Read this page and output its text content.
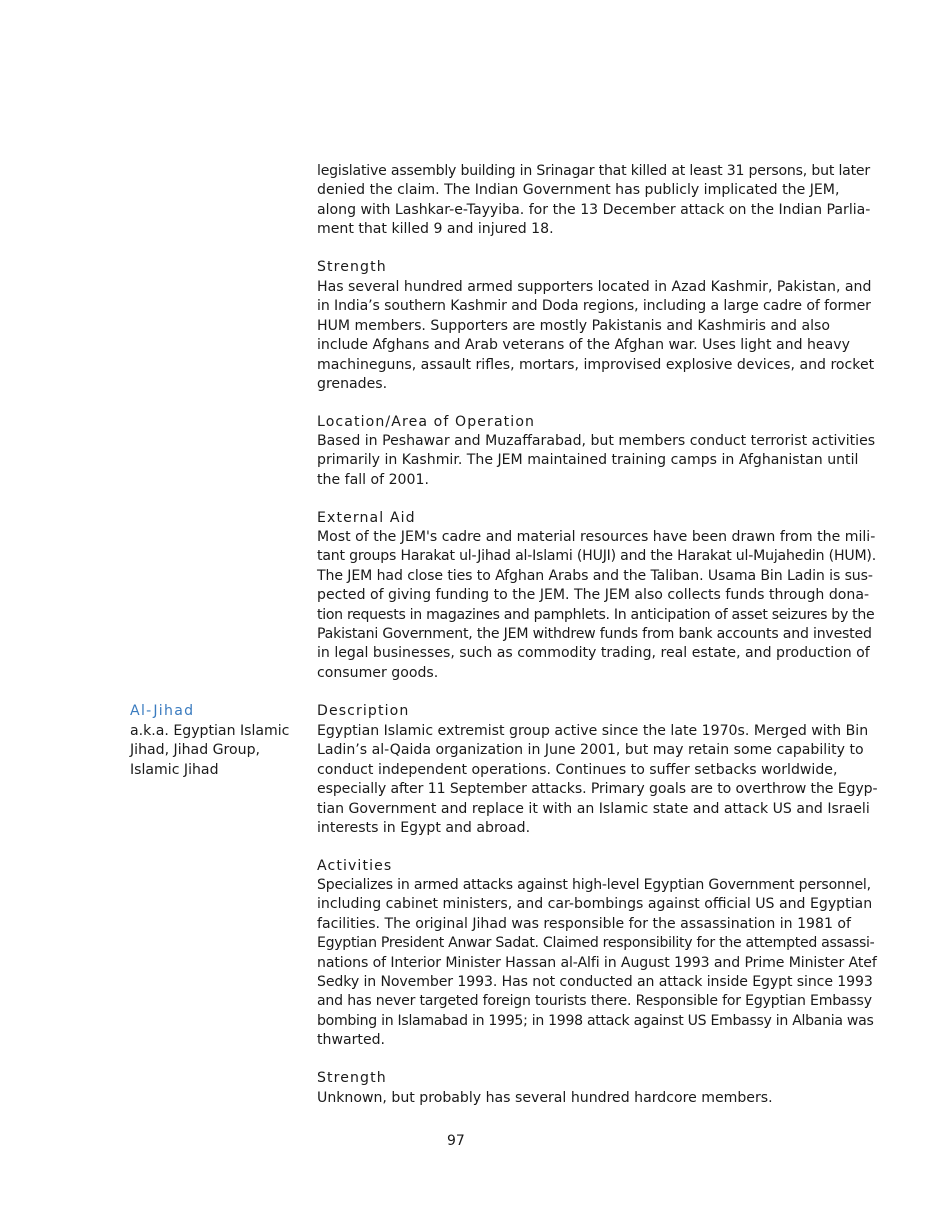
legislative assembly building in Srinagar that killed at least 31 persons, but later
denied the claim. The Indian Government has publicly implicated the JEM,
along with Lashkar-e-Tayyiba. for the 13 December attack on the Indian Parlia-
ment that killed 9 and injured 18.
Strength
Has several hundred armed supporters located in Azad Kashmir, Pakistan, and
in India’s southern Kashmir and Doda regions, including a large cadre of former
HUM members. Supporters are mostly Pakistanis and Kashmiris and also
include Afghans and Arab veterans of the Afghan war. Uses light and heavy
machineguns, assault rifles, mortars, improvised explosive devices, and rocket
grenades.
Location/Area of Operation
Based in Peshawar and Muzaffarabad, but members conduct terrorist activities
primarily in Kashmir. The JEM maintained training camps in Afghanistan until
the fall of 2001.
External Aid
Most of the JEM's cadre and material resources have been drawn from the mili-
tant groups Harakat ul-Jihad al-Islami (HUJI) and the Harakat ul-Mujahedin (HUM).
The JEM had close ties to Afghan Arabs and the Taliban. Usama Bin Ladin is sus-
pected of giving funding to the JEM. The JEM also collects funds through dona-
tion requests in magazines and pamphlets. In anticipation of asset seizures by the
Pakistani Government, the JEM withdrew funds from bank accounts and invested
in legal businesses, such as commodity trading, real estate, and production of
consumer goods.
Al-Jihad
a.k.a. Egyptian Islamic
Jihad, Jihad Group,
Islamic Jihad
Description
Egyptian Islamic extremist group active since the late 1970s. Merged with Bin
Ladin’s al-Qaida organization in June 2001, but may retain some capability to
conduct independent operations. Continues to suffer setbacks worldwide,
especially after 11 September attacks. Primary goals are to overthrow the Egyp-
tian Government and replace it with an Islamic state and attack US and Israeli
interests in Egypt and abroad.
Activities
Specializes in armed attacks against high-level Egyptian Government personnel,
including cabinet ministers, and car-bombings against official US and Egyptian
facilities. The original Jihad was responsible for the assassination in 1981 of
Egyptian President Anwar Sadat. Claimed responsibility for the attempted assassi-
nations of Interior Minister Hassan al-Alfi in August 1993 and Prime Minister Atef
Sedky in November 1993. Has not conducted an attack inside Egypt since 1993
and has never targeted foreign tourists there. Responsible for Egyptian Embassy
bombing in Islamabad in 1995; in 1998 attack against US Embassy in Albania was
thwarted.
Strength
Unknown, but probably has several hundred hardcore members.
97
